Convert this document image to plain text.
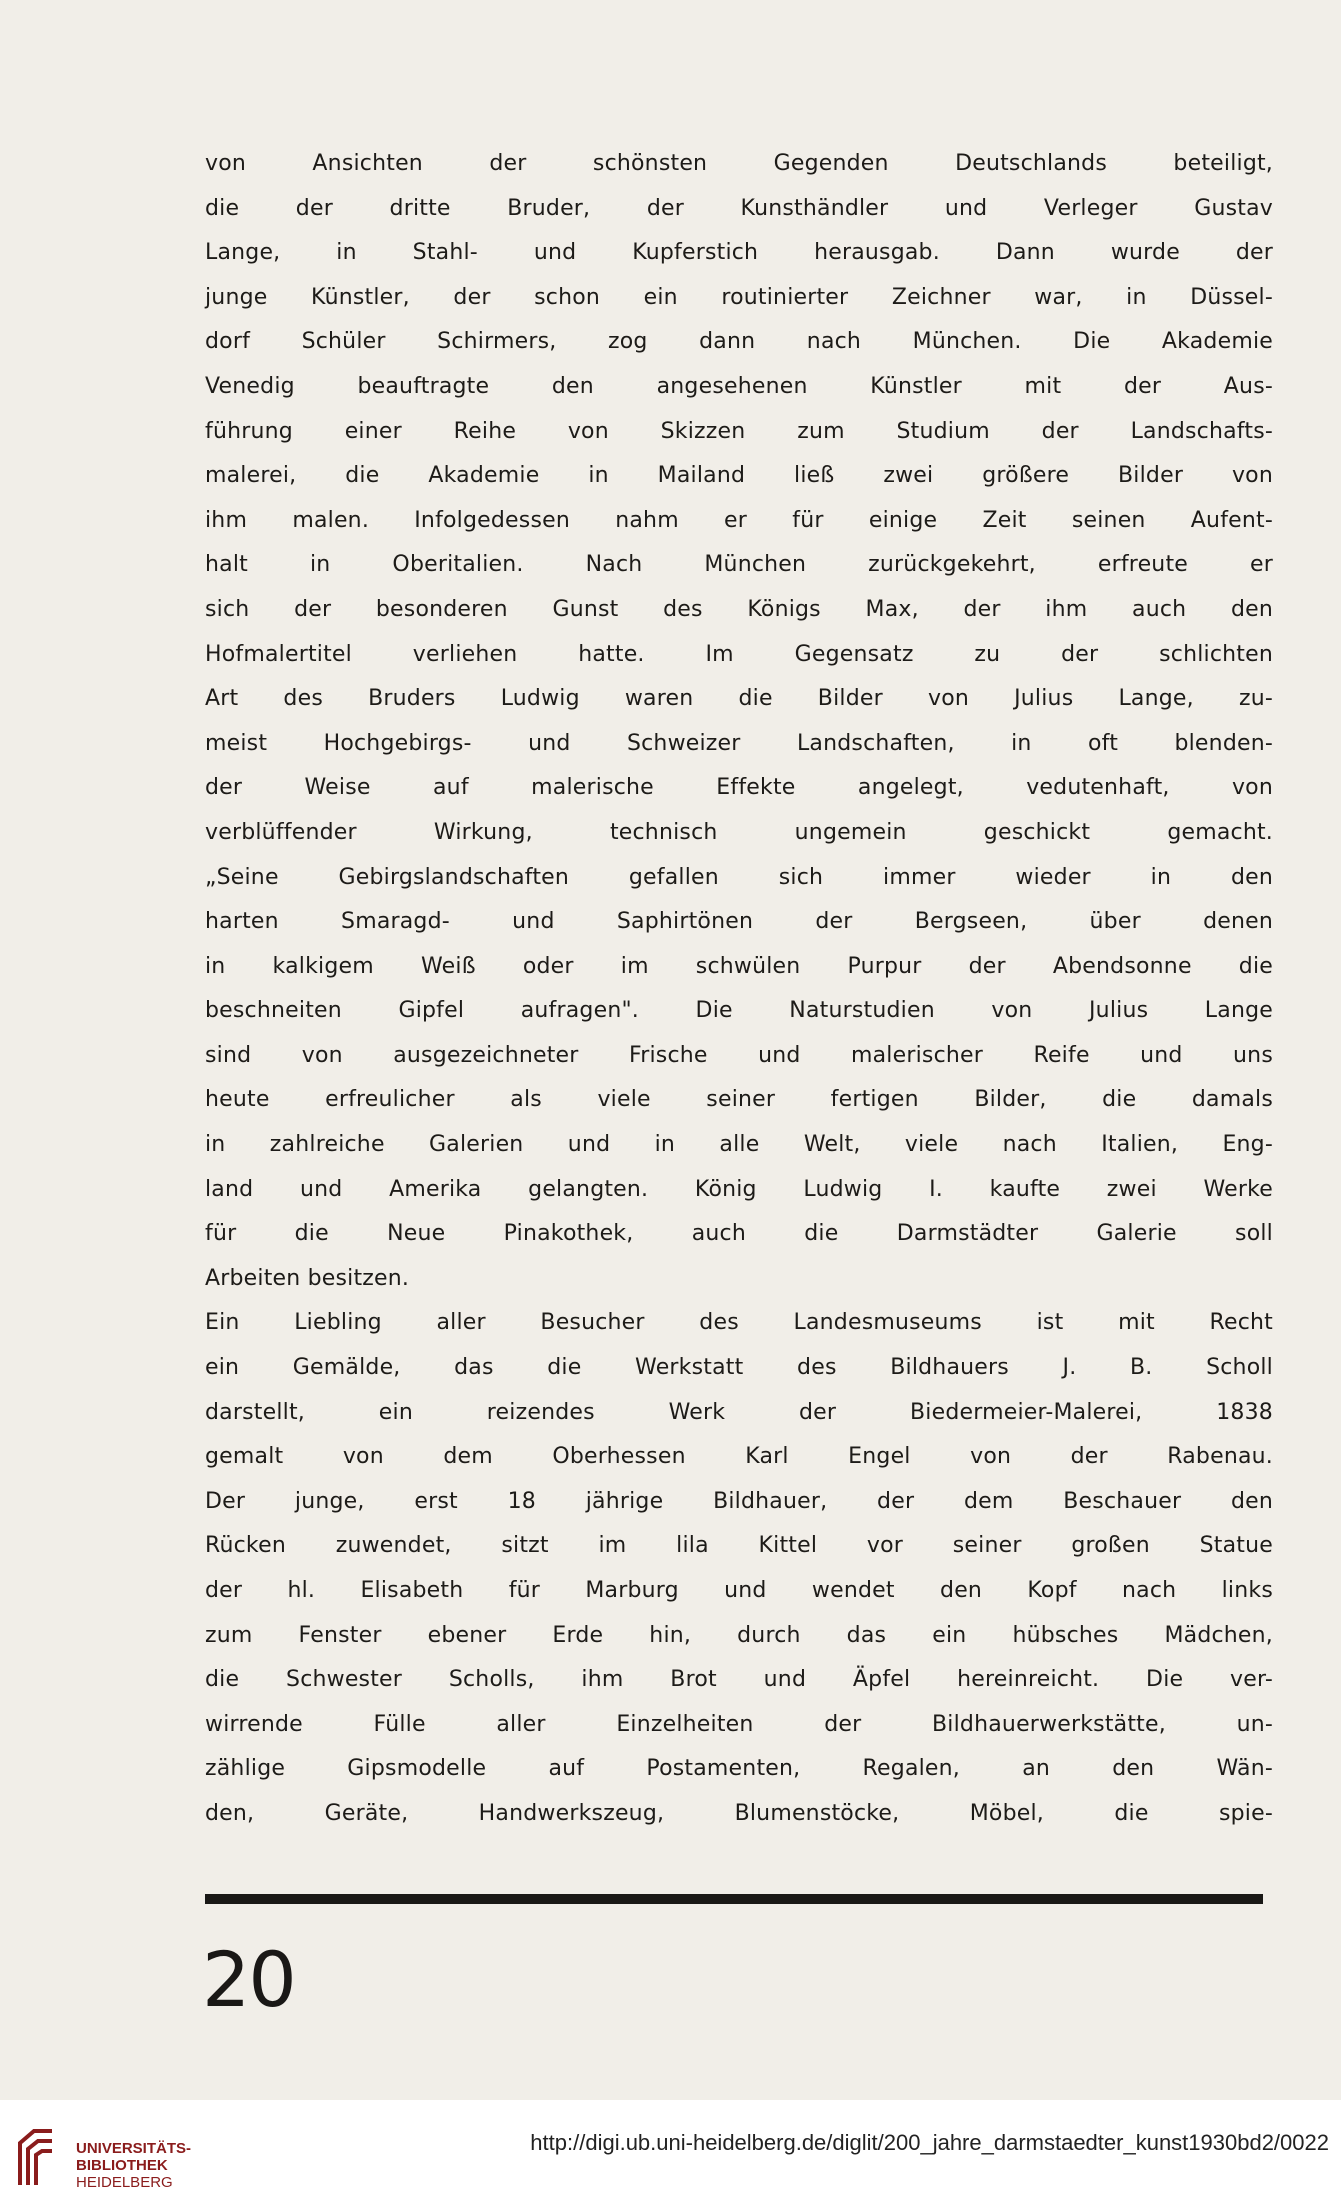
von Ansichten der schönsten Gegenden Deutschlands beteiligt,
die der dritte Bruder, der Kunsthändler und Verleger Gustav
Lange, in Stahl- und Kupferstich herausgab. Dann wurde der
junge Künstler, der schon ein routinierter Zeichner war, in Düssel-
dorf Schüler Schirmers, zog dann nach München. Die Akademie
Venedig beauftragte den angesehenen Künstler mit der Aus-
führung einer Reihe von Skizzen zum Studium der Landschafts-
malerei, die Akademie in Mailand ließ zwei größere Bilder von
ihm malen. Infolgedessen nahm er für einige Zeit seinen Aufent-
halt in Oberitalien. Nach München zurückgekehrt, erfreute er
sich der besonderen Gunst des Königs Max, der ihm auch den
Hofmalertitel verliehen hatte. Im Gegensatz zu der schlichten
Art des Bruders Ludwig waren die Bilder von Julius Lange, zu-
meist Hochgebirgs- und Schweizer Landschaften, in oft blenden-
der Weise auf malerische Effekte angelegt, vedutenhaft, von
verblüffender Wirkung, technisch ungemein geschickt gemacht.
„Seine Gebirgslandschaften gefallen sich immer wieder in den
harten Smaragd- und Saphirtönen der Bergseen, über denen
in kalkigem Weiß oder im schwülen Purpur der Abendsonne die
beschneiten Gipfel aufragen". Die Naturstudien von Julius Lange
sind von ausgezeichneter Frische und malerischer Reife und uns
heute erfreulicher als viele seiner fertigen Bilder, die damals
in zahlreiche Galerien und in alle Welt, viele nach Italien, Eng-
land und Amerika gelangten. König Ludwig I. kaufte zwei Werke
für die Neue Pinakothek, auch die Darmstädter Galerie soll
Arbeiten besitzen.
Ein Liebling aller Besucher des Landesmuseums ist mit Recht
ein Gemälde, das die Werkstatt des Bildhauers J. B. Scholl
darstellt, ein reizendes Werk der Biedermeier-Malerei, 1838
gemalt von dem Oberhessen Karl Engel von der Rabenau.
Der junge, erst 18 jährige Bildhauer, der dem Beschauer den
Rücken zuwendet, sitzt im lila Kittel vor seiner großen Statue
der hl. Elisabeth für Marburg und wendet den Kopf nach links
zum Fenster ebener Erde hin, durch das ein hübsches Mädchen,
die Schwester Scholls, ihm Brot und Äpfel hereinreicht. Die ver-
wirrende Fülle aller Einzelheiten der Bildhauerwerkstätte, un-
zählige Gipsmodelle auf Postamenten, Regalen, an den Wän-
den, Geräte, Handwerkszeug, Blumenstöcke, Möbel, die spie-
20
UNIVERSITÄTS-
BIBLIOTHEK
HEIDELBERG
http://digi.ub.uni-heidelberg.de/diglit/200_jahre_darmstaedter_kunst1930bd2/0022
